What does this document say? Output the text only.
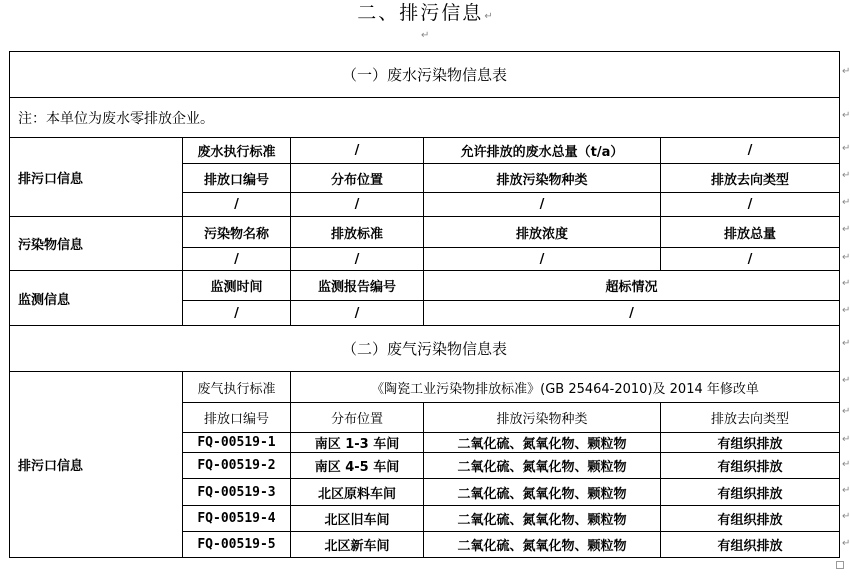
二、排污信息↵
↵
（一）废水污染物信息表				
注：本单位为废水零排放企业。				
排污口信息	废水执行标准	/	允许排放的废水总量（t/a）	/
	排放口编号	分布位置	排放污染物种类	排放去向类型
	/	/	/	/
污染物信息	污染物名称	排放标准	排放浓度	排放总量
	/	/	/	/
监测信息	监测时间	监测报告编号	超标情况	
	/	/	/	
（二）废气污染物信息表				
排污口信息	废气执行标准	《陶瓷工业污染物排放标准》(GB 25464-2010)及 2014 年修改单		
	排放口编号	分布位置	排放污染物种类	排放去向类型
	FQ-00519-1	南区 1-3 车间	二氧化硫、氮氧化物、颗粒物	有组织排放
	FQ-00519-2	南区 4-5 车间	二氧化硫、氮氧化物、颗粒物	有组织排放
	FQ-00519-3	北区原料车间	二氧化硫、氮氧化物、颗粒物	有组织排放
	FQ-00519-4	北区旧车间	二氧化硫、氮氧化物、颗粒物	有组织排放
	FQ-00519-5	北区新车间	二氧化硫、氮氧化物、颗粒物	有组织排放
↵
↵
↵
↵
↵
↵
↵
↵
↵
↵
↵
↵
↵
↵
↵
↵
↵
